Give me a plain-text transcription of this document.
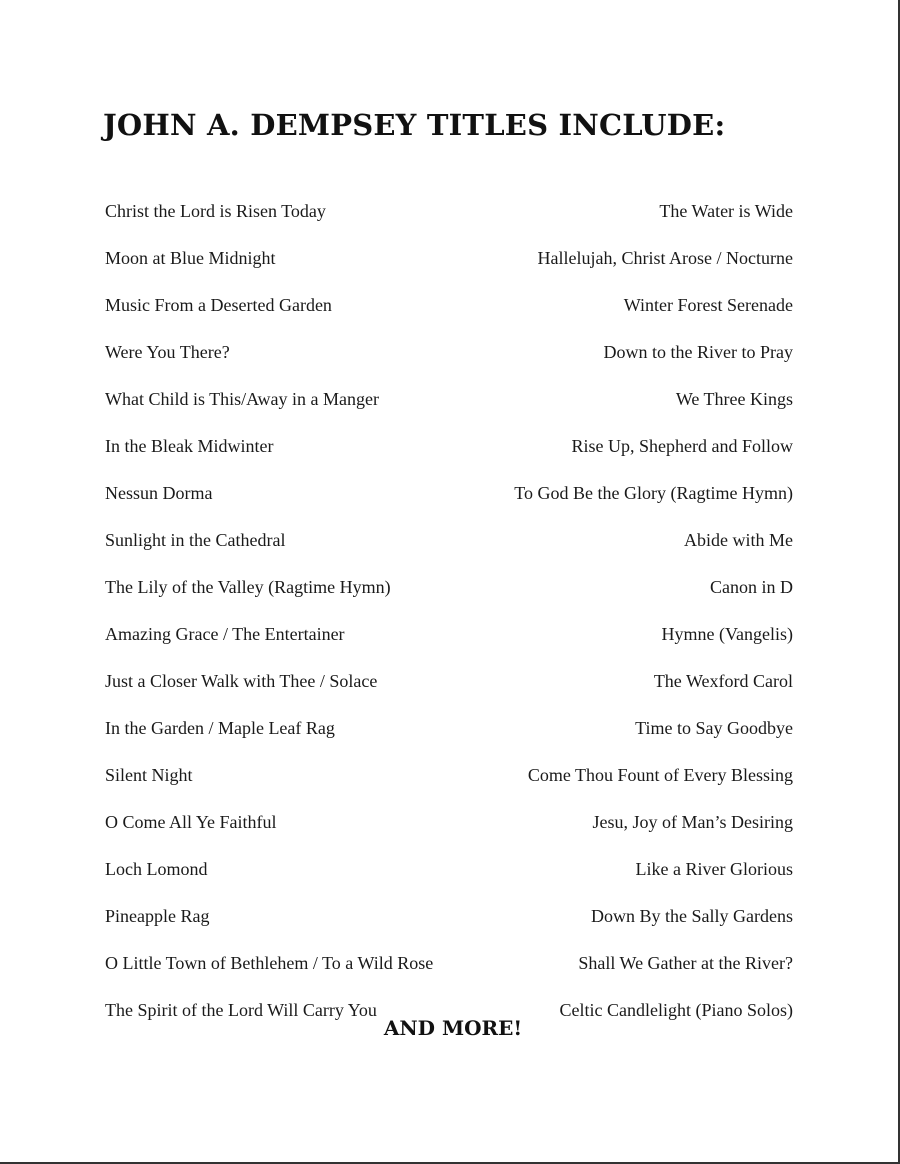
JOHN A. DEMPSEY TITLES INCLUDE:
Christ the Lord is Risen Today	The Water is Wide
Moon at Blue Midnight	Hallelujah, Christ Arose / Nocturne
Music From a Deserted Garden	Winter Forest Serenade
Were You There?	Down to the River to Pray
What Child is This/Away in a Manger	We Three Kings
In the Bleak Midwinter	Rise Up, Shepherd and Follow
Nessun Dorma	To God Be the Glory (Ragtime Hymn)
Sunlight in the Cathedral	Abide with Me
The Lily of the Valley (Ragtime Hymn)	Canon in D
Amazing Grace / The Entertainer	Hymne (Vangelis)
Just a Closer Walk with Thee / Solace	The Wexford Carol
In the Garden / Maple Leaf Rag	Time to Say Goodbye
Silent Night	Come Thou Fount of Every Blessing
O Come All Ye Faithful	Jesu, Joy of Man’s Desiring
Loch Lomond	Like a River Glorious
Pineapple Rag	Down By the Sally Gardens
O Little Town of Bethlehem / To a Wild Rose	Shall We Gather at the River?
The Spirit of the Lord Will Carry You	Celtic Candlelight (Piano Solos)
AND MORE!
